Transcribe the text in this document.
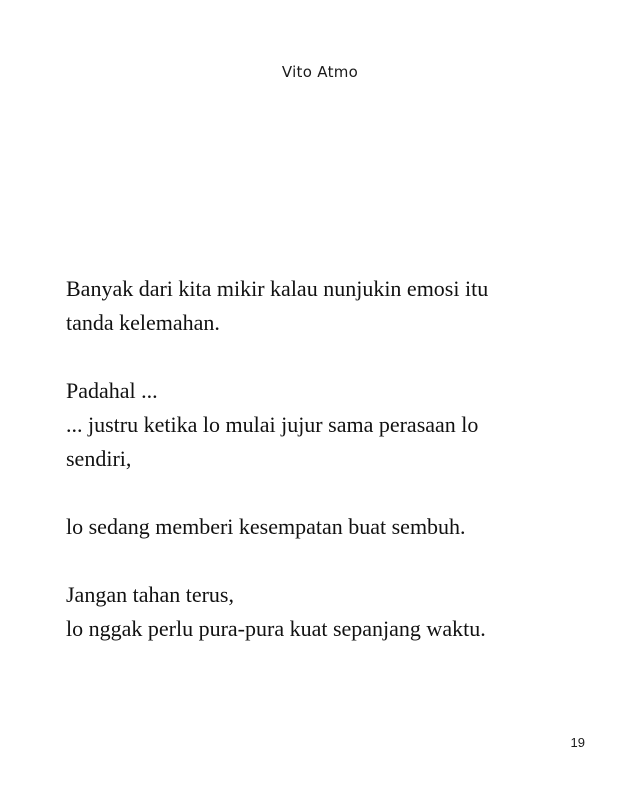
Vito Atmo
Banyak dari kita mikir kalau nunjukin emosi itu
tanda kelemahan.
Padahal ...
... justru ketika lo mulai jujur sama perasaan lo
sendiri,
lo sedang memberi kesempatan buat sembuh.
Jangan tahan terus,
lo nggak perlu pura-pura kuat sepanjang waktu.
19
